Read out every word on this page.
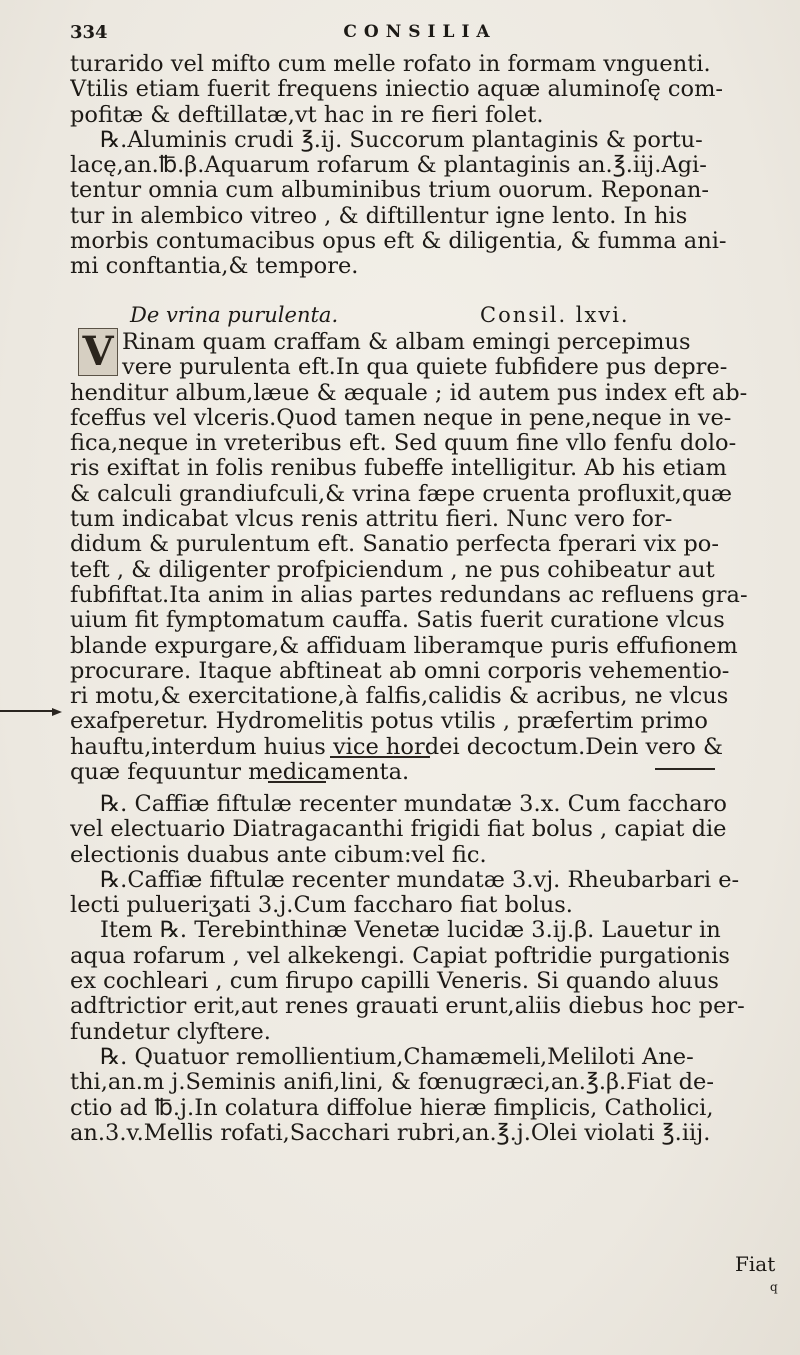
334	CONSILIA
turarido vel mifto cum melle rofato in formam vnguenti.
Vtilis etiam fuerit frequens iniectio aquæ aluminoſę com-
pofitæ & deftillatæ,vt hac in re fieri folet.
℞.Aluminis crudi ℥.ij. Succorum plantaginis & portu-
lacę,an.℔.β.Aquarum rofarum & plantaginis an.℥.iij.Agi-
tentur omnia cum albuminibus trium ouorum. Reponan-
tur in alembico vitreo , & diftillentur igne lento. In his
morbis contumacibus opus eft & diligentia, & fumma ani-
mi conftantia,& tempore.
De vrina purulenta.	Consil. lxvi.
V Rinam quam craffam & albam emingi percepimus
vere purulenta eft.In qua quiete fubfidere pus depre-
henditur album,læue & æquale ; id autem pus index eft ab-
fceffus vel vlceris.Quod tamen neque in pene,neque in ve-
fica,neque in vreteribus eft. Sed quum fine vllo fenfu dolo-
ris exiftat in folis renibus fubeffe intelligitur. Ab his etiam
& calculi grandiufculi,& vrina fæpe cruenta profluxit,quæ
tum indicabat vlcus renis attritu fieri. Nunc vero for-
didum & purulentum eft. Sanatio perfecta fperari vix po-
teft , & diligenter profpiciendum , ne pus cohibeatur aut
fubfiftat.Ita anim in alias partes redundans ac refluens gra-
uium fit fymptomatum cauffa. Satis fuerit curatione vlcus
blande expurgare,& affiduam liberamque puris effufionem
procurare. Itaque abftineat ab omni corporis vehementio-
ri motu,& exercitatione,à falfis,calidis & acribus, ne vlcus
exafperetur. Hydromelitis potus vtilis , præfertim primo
hauftu,interdum huius vice hordei decoctum.Dein vero &
quæ fequuntur medicamenta.
℞. Caffiæ fiftulæ recenter mundatæ 3.x. Cum faccharo
vel electuario Diatragacanthi frigidi fiat bolus , capiat die
electionis duabus ante cibum:vel fic.
℞.Caffiæ fiftulæ recenter mundatæ 3.vj. Rheubarbari e-
lecti pulueriʒati 3.j.Cum faccharo fiat bolus.
Item ℞. Terebinthinæ Venetæ lucidæ 3.ij.β. Lauetur in
aqua rofarum , vel alkekengi. Capiat poftridie purgationis
ex cochleari , cum firupo capilli Veneris. Si quando aluus
adftrictior erit,aut renes grauati erunt,aliis diebus hoc per-
fundetur clyftere.
℞. Quatuor remollientium,Chamæmeli,Meliloti Ane-
thi,an.m j.Seminis anifi,lini, & fœnugræci,an.℥.β.Fiat de-
ctio ad ℔.j.In colatura diffolue hieræ fimplicis, Catholici,
an.3.v.Mellis rofati,Sacchari rubri,an.℥.j.Olei violati ℥.iij.
Fiat
q
